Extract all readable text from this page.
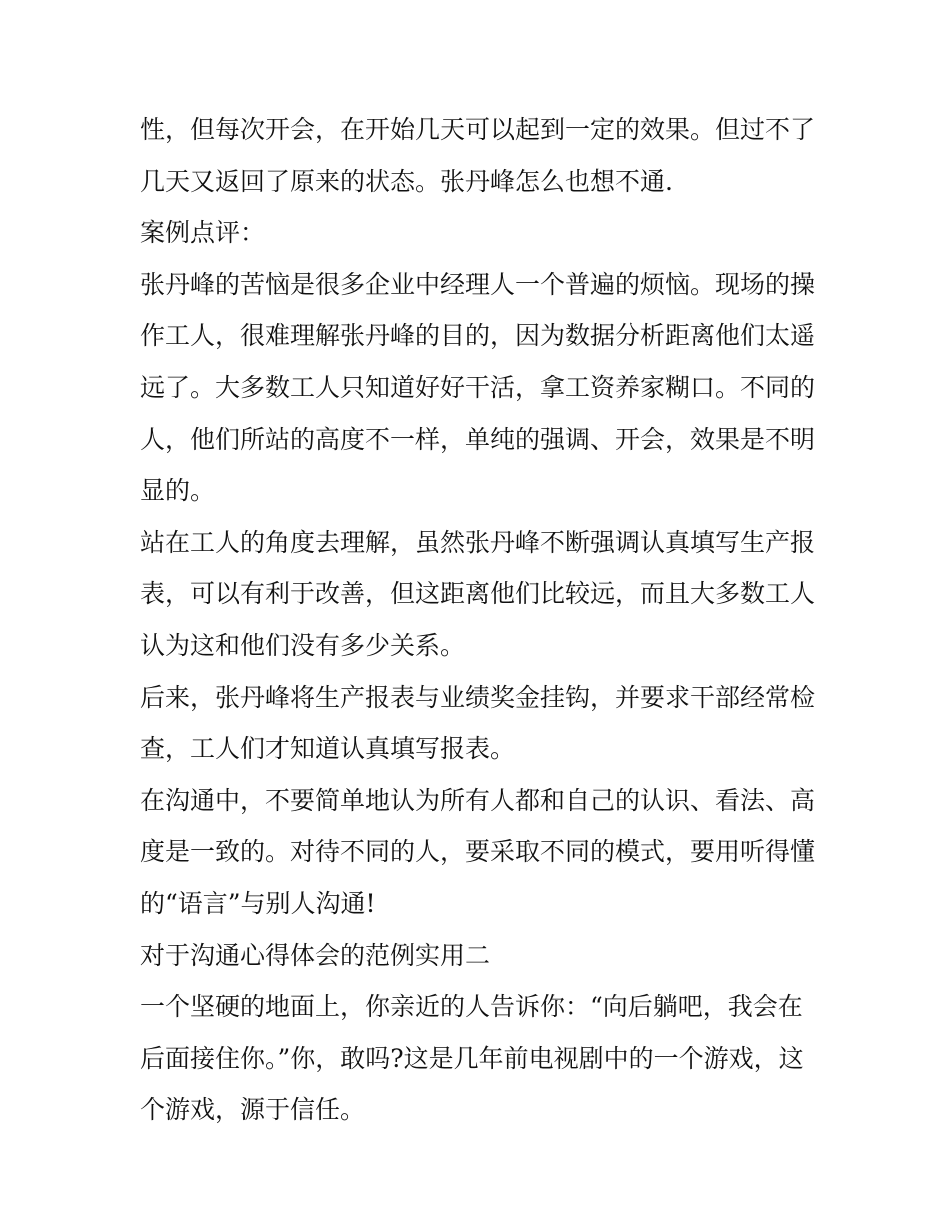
性，但每次开会，在开始几天可以起到一定的效果。但过不了
几天又返回了原来的状态。张丹峰怎么也想不通.
案例点评：
张丹峰的苦恼是很多企业中经理人一个普遍的烦恼。现场的操
作工人，很难理解张丹峰的目的，因为数据分析距离他们太遥
远了。大多数工人只知道好好干活，拿工资养家糊口。不同的
人，他们所站的高度不一样，单纯的强调、开会，效果是不明
显的。
站在工人的角度去理解，虽然张丹峰不断强调认真填写生产报
表，可以有利于改善，但这距离他们比较远，而且大多数工人
认为这和他们没有多少关系。
后来，张丹峰将生产报表与业绩奖金挂钩，并要求干部经常检
查，工人们才知道认真填写报表。
在沟通中，不要简单地认为所有人都和自己的认识、看法、高
度是一致的。对待不同的人，要采取不同的模式，要用听得懂
的“语言”与别人沟通!
对于沟通心得体会的范例实用二
一个坚硬的地面上，你亲近的人告诉你：“向后躺吧，我会在
后面接住你。”你，敢吗?这是几年前电视剧中的一个游戏，这
个游戏，源于信任。
